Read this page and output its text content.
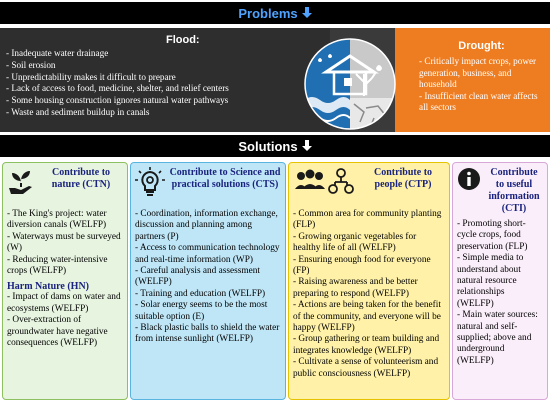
Problems
Flood:
- Inadequate water drainage
- Soil erosion
- Unpredictability makes it difficult to prepare
- Lack of access to food, medicine, shelter, and relief centers
- Some housing construction ignores natural water pathways
- Waste and sediment buildup in canals
Drought:
- Critically impact crops, power generation, business, and household
- Insufficient clean water affects all sectors
Solutions
Contribute to nature (CTN)
- The King's project: water diversion canals (WELFP)
- Waterways must be surveyed (W)
- Reducing water-intensive crops (WELFP)
Harm Nature (HN)
- Impact of dams on water and ecosystems (WELFP)
- Over-extraction of groundwater have negative consequences (WELFP)
Contribute to Science and practical solutions (CTS)
- Coordination, information exchange, discussion and planning among partners (P)
- Access to communication technology and real-time information (WP)
- Careful analysis and assessment (WELFP)
- Training and education (WELFP)
- Solar energy seems to be the most suitable option (E)
- Black plastic balls to shield the water from intense sunlight (WELFP)
Contribute to people (CTP)
- Common area for community planting (FLP)
- Growing organic vegetables for healthy life of all (WELFP)
- Ensuring enough food for everyone (FP)
- Raising awareness and be better preparing to respond (WELFP)
- Actions are being taken for the benefit of the community, and everyone will be happy (WELFP)
- Group gathering or team building and integrates knowledge (WELFP)
- Cultivate a sense of volunteerism and public consciousness (WELFP)
Contribute to useful information (CTI)
- Promoting short-cycle crops, food preservation (FLP)
- Simple media to understand about natural resource relationships (WELFP)
- Main water sources: natural and self-supplied; above and underground (WELFP)
